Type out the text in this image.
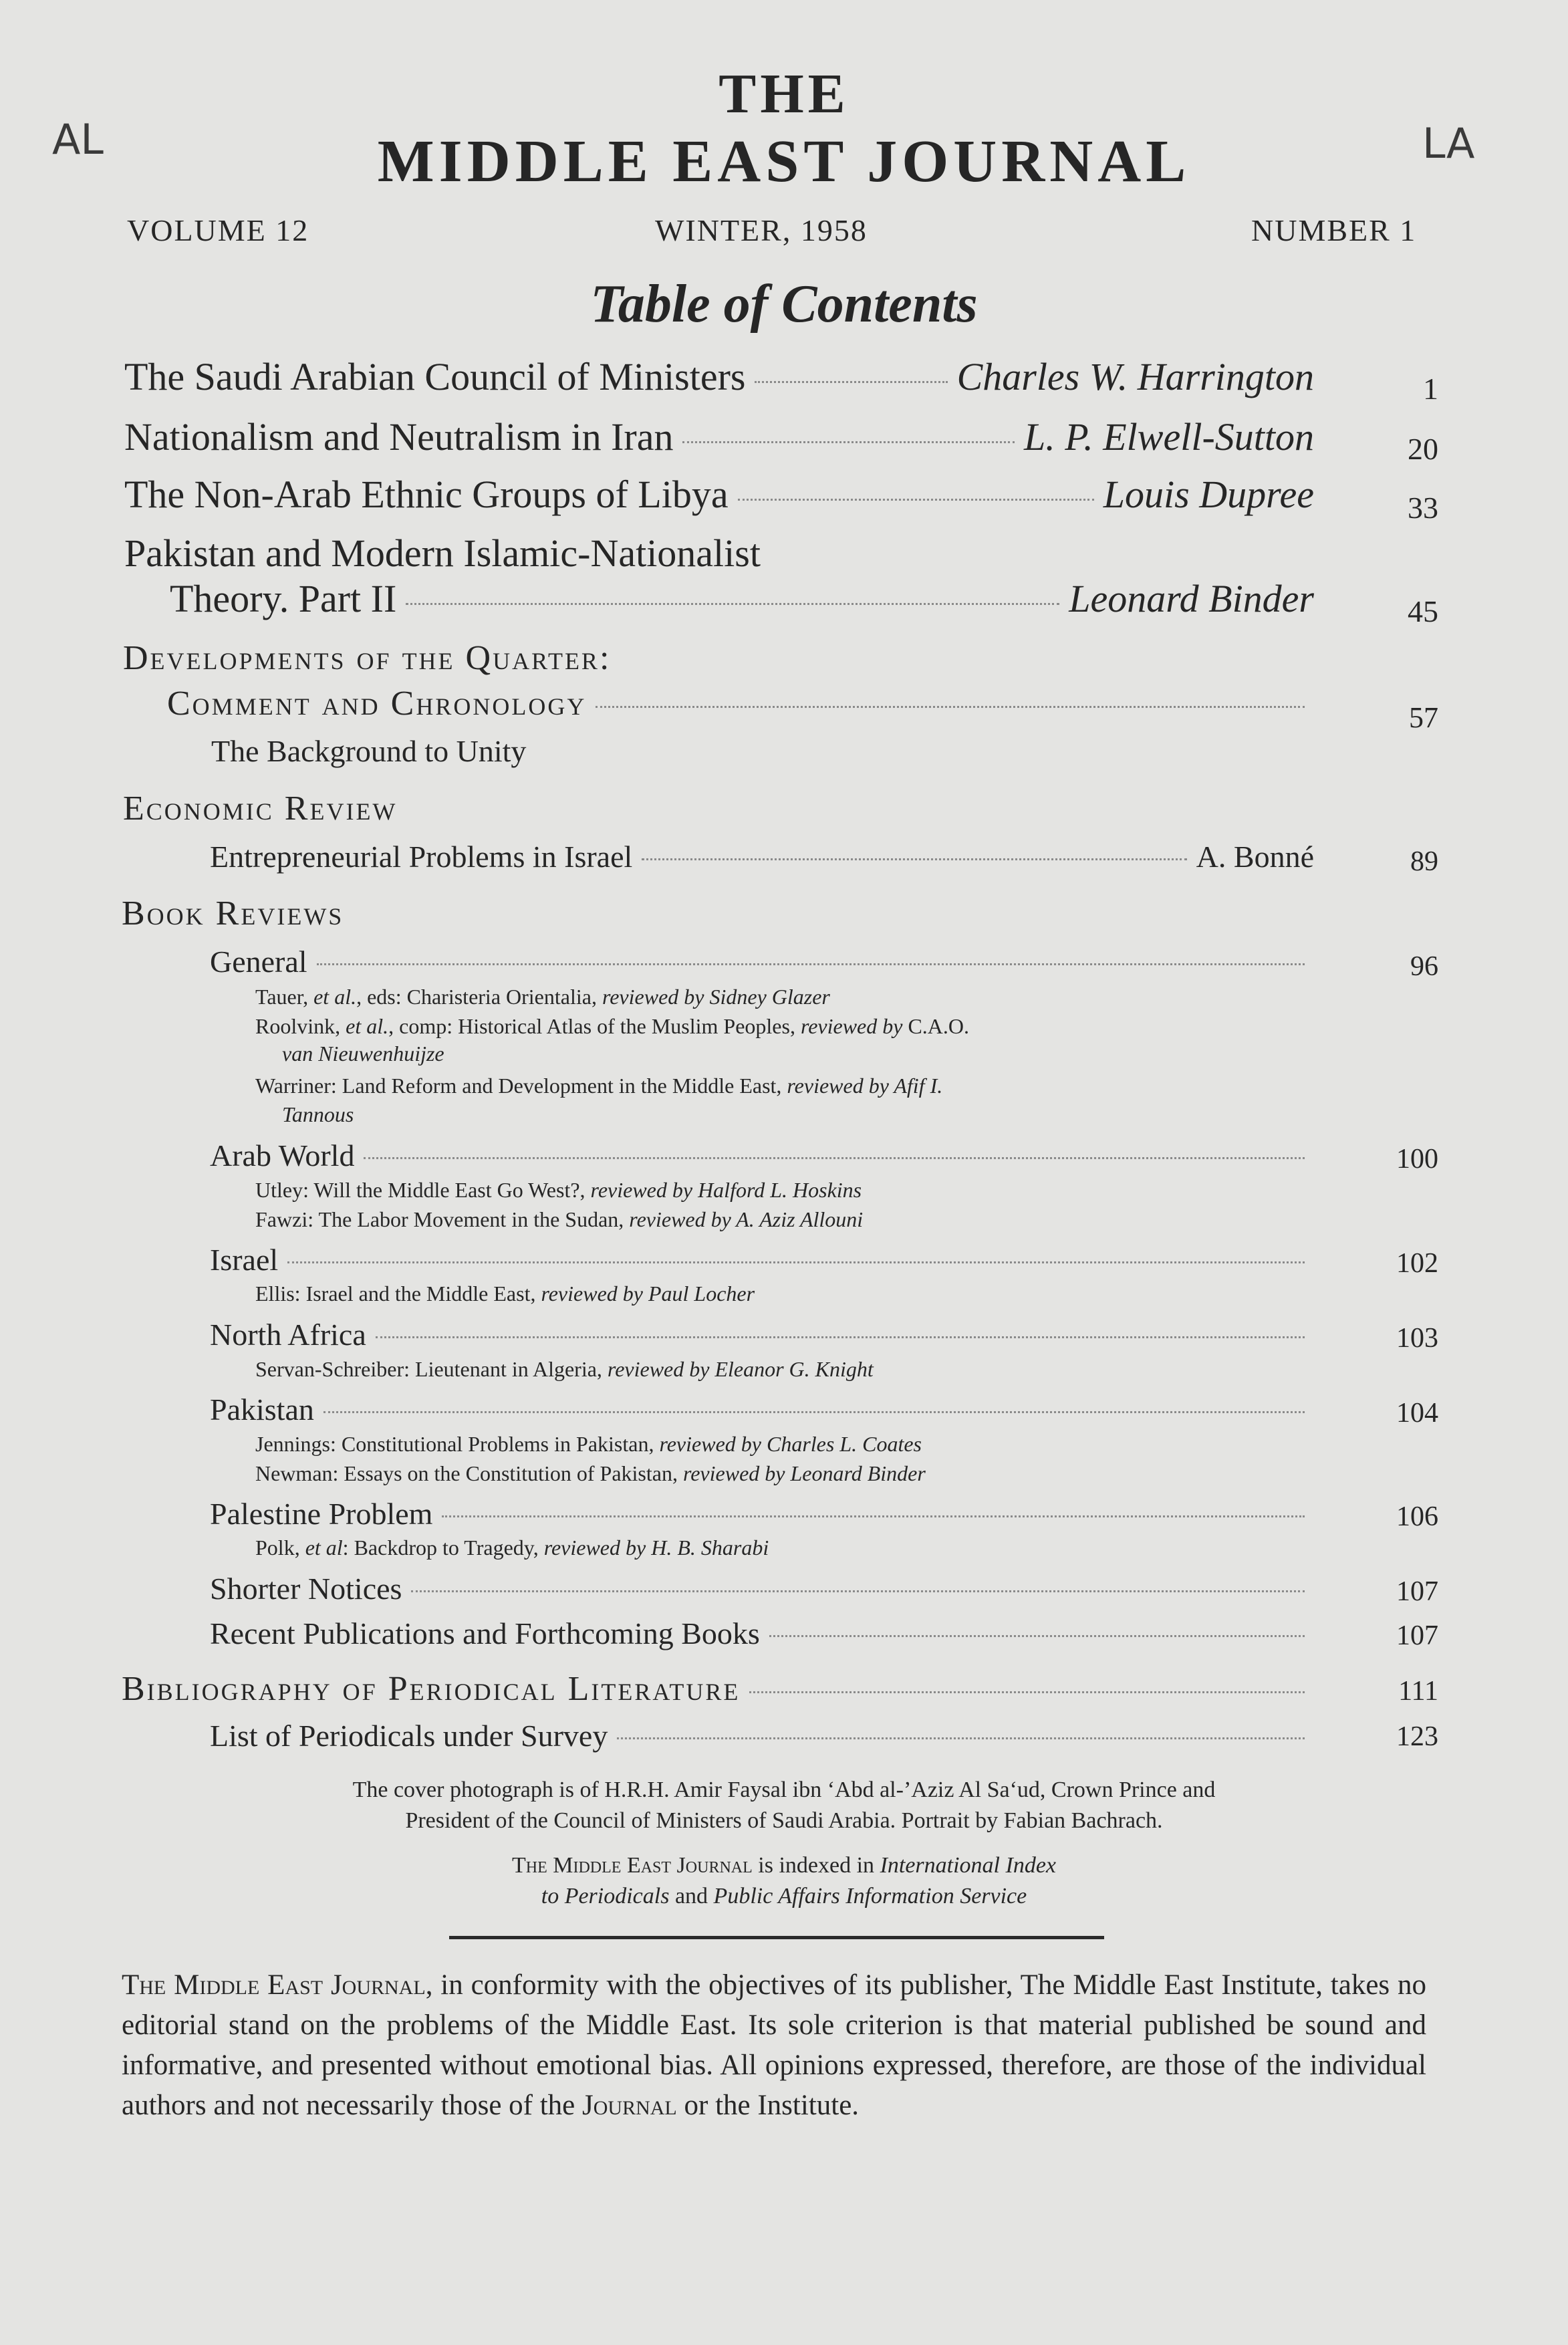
AL	LA
THE
MIDDLE EAST JOURNAL
VOLUME 12	WINTER, 1958	NUMBER 1
Table of Contents
The Saudi Arabian Council of Ministers	Charles W. Harrington	1
Nationalism and Neutralism in Iran	L. P. Elwell-Sutton	20
The Non-Arab Ethnic Groups of Libya	Louis Dupree	33
Pakistan and Modern Islamic-Nationalist
Theory. Part II	Leonard Binder	45
Developments of the Quarter:
Comment and Chronology	57
The Background to Unity
Economic Review
Entrepreneurial Problems in Israel	A. Bonné	89
Book Reviews
General	96
Tauer, et al., eds: Charisteria Orientalia, reviewed by Sidney Glazer
Roolvink, et al., comp: Historical Atlas of the Muslim Peoples, reviewed by C.A.O.
van Nieuwenhuijze
Warriner: Land Reform and Development in the Middle East, reviewed by Afif I.
Tannous
Arab World	100
Utley: Will the Middle East Go West?, reviewed by Halford L. Hoskins
Fawzi: The Labor Movement in the Sudan, reviewed by A. Aziz Allouni
Israel	102
Ellis: Israel and the Middle East, reviewed by Paul Locher
North Africa	103
Servan-Schreiber: Lieutenant in Algeria, reviewed by Eleanor G. Knight
Pakistan	104
Jennings: Constitutional Problems in Pakistan, reviewed by Charles L. Coates
Newman: Essays on the Constitution of Pakistan, reviewed by Leonard Binder
Palestine Problem	106
Polk, et al: Backdrop to Tragedy, reviewed by H. B. Sharabi
Shorter Notices	107
Recent Publications and Forthcoming Books	107
Bibliography of Periodical Literature	111
List of Periodicals under Survey	123
The cover photograph is of H.R.H. Amir Faysal ibn ‘Abd al-’Aziz Al Sa‘ud, Crown Prince and
President of the Council of Ministers of Saudi Arabia. Portrait by Fabian Bachrach.
The Middle East Journal is indexed in International Index
to Periodicals and Public Affairs Information Service
The Middle East Journal, in conformity with the objectives of its publisher, The Middle East Institute, takes no editorial stand on the problems of the Middle East. Its sole criterion is that material published be sound and informative, and presented without emotional bias. All opinions expressed, therefore, are those of the individual authors and not necessarily those of the Journal or the Institute.
